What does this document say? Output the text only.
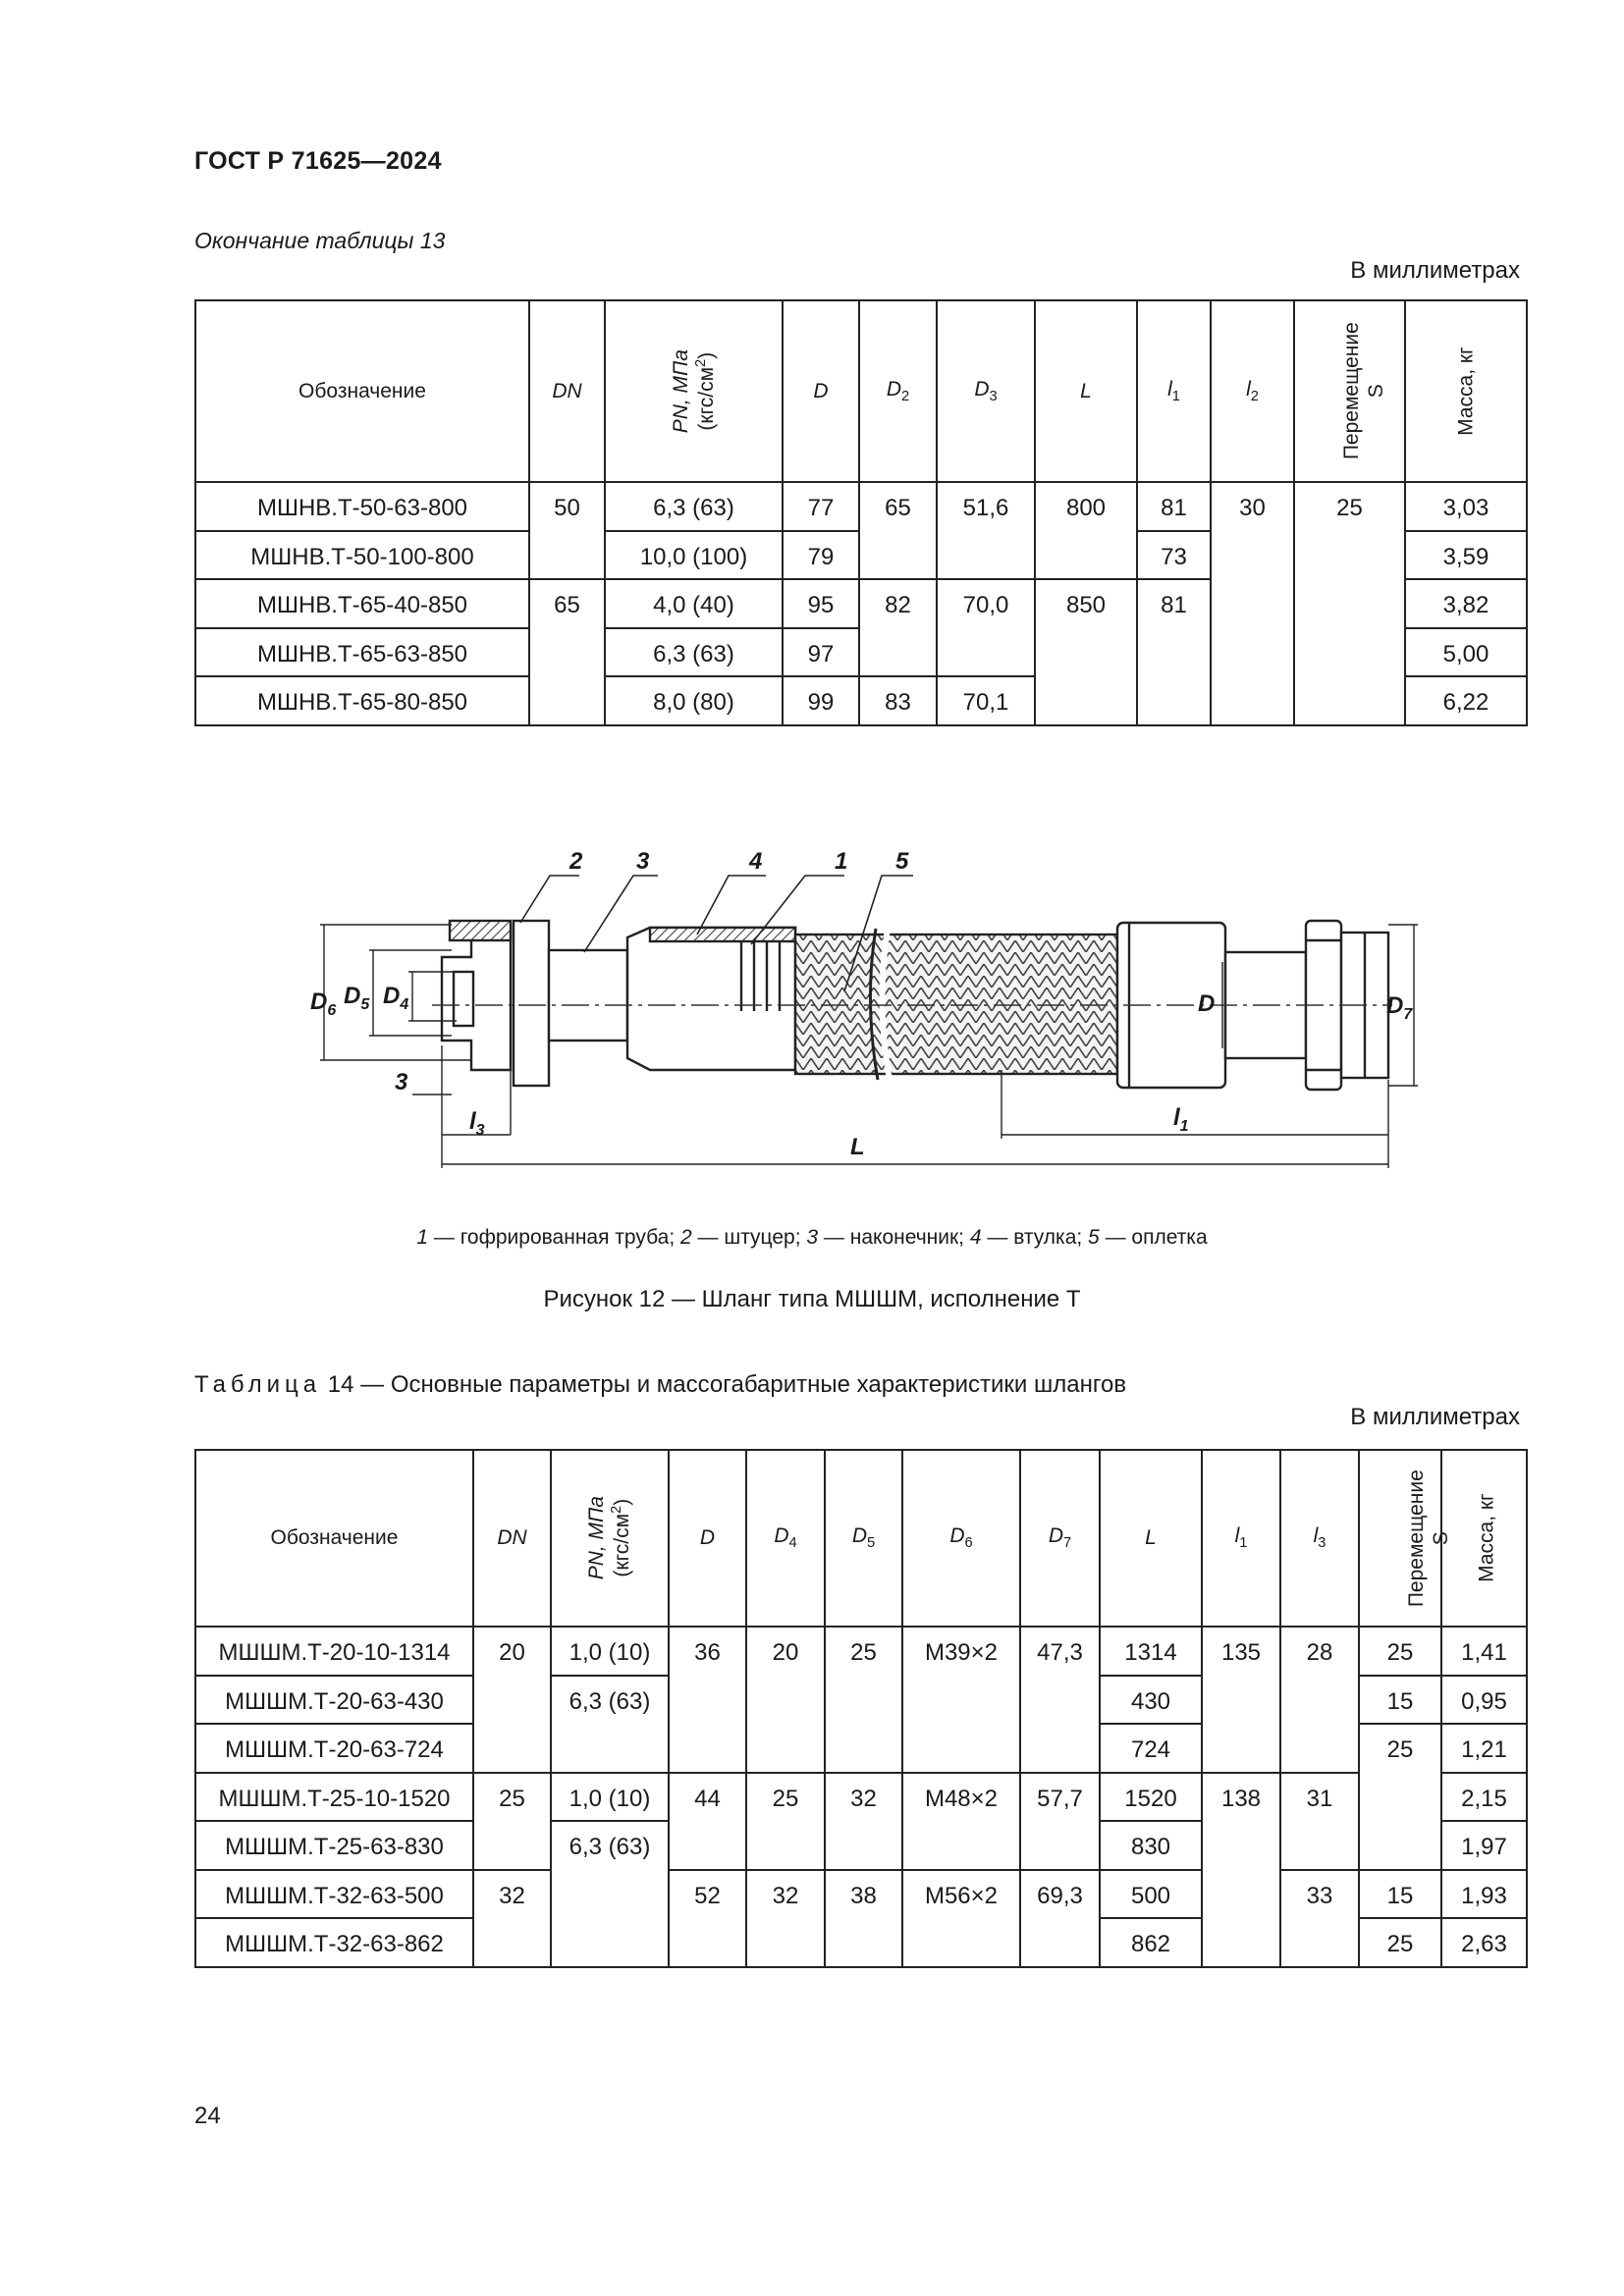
ГОСТ Р 71625—2024
Окончание таблицы 13
В миллиметрах
Обозначение	DN	PN, МПа $(кгс/см^2)$	D	$D_2$	$D_3$	L	$l_1$	$l_2$	Перемещение S	Масса, кг
МШНВ.Т-50-63-800	50	6,3 (63)	77	65	51,6	800	81	30	25	3,03
МШНВ.Т-50-100-800		10,0 (100)	79				73			3,59
МШНВ.Т-65-40-850	65	4,0 (40)	95	82	70,0	850	81			3,82
МШНВ.Т-65-63-850		6,3 (63)	97							5,00
МШНВ.Т-65-80-850		8,0 (80)	99	83	70,1					6,22
2 3	4	1 5
$D_6$
$D_5$ $D_4$	D	$D_7$
3
$l_3$	$l_1$
L
1 — гофрированная труба; 2 — штуцер; 3 — наконечник; 4 — втулка; 5 — оплетка
Рисунок 12 — Шланг типа МШШМ, исполнение Т
Таблица 14 — Основные параметры и массогабаритные характеристики шлангов
В миллиметрах
Обозначение	DN	PN, МПа $(кгс/см^2)$	D	$D_4$	$D_5$	$D_6$	$D_7$	L	$l_1$	$l_3$	Перемещение S	Масса, кг
МШШМ.Т-20-10-1314	20	1,0 (10)	36	20	25	М39×2	47,3	1314	135	28	25	1,41
МШШМ.Т-20-63-430		6,3 (63)						430			15	0,95
МШШМ.Т-20-63-724								724			25	1,21
МШШМ.Т-25-10-1520	25	1,0 (10)	44	25	32	М48×2	57,7	1520	138	31		2,15
МШШМ.Т-25-63-830		6,3 (63)						830				1,97
МШШМ.Т-32-63-500	32		52	32	38	М56×2	69,3	500		33	15	1,93
МШШМ.Т-32-63-862								862			25	2,63
24
